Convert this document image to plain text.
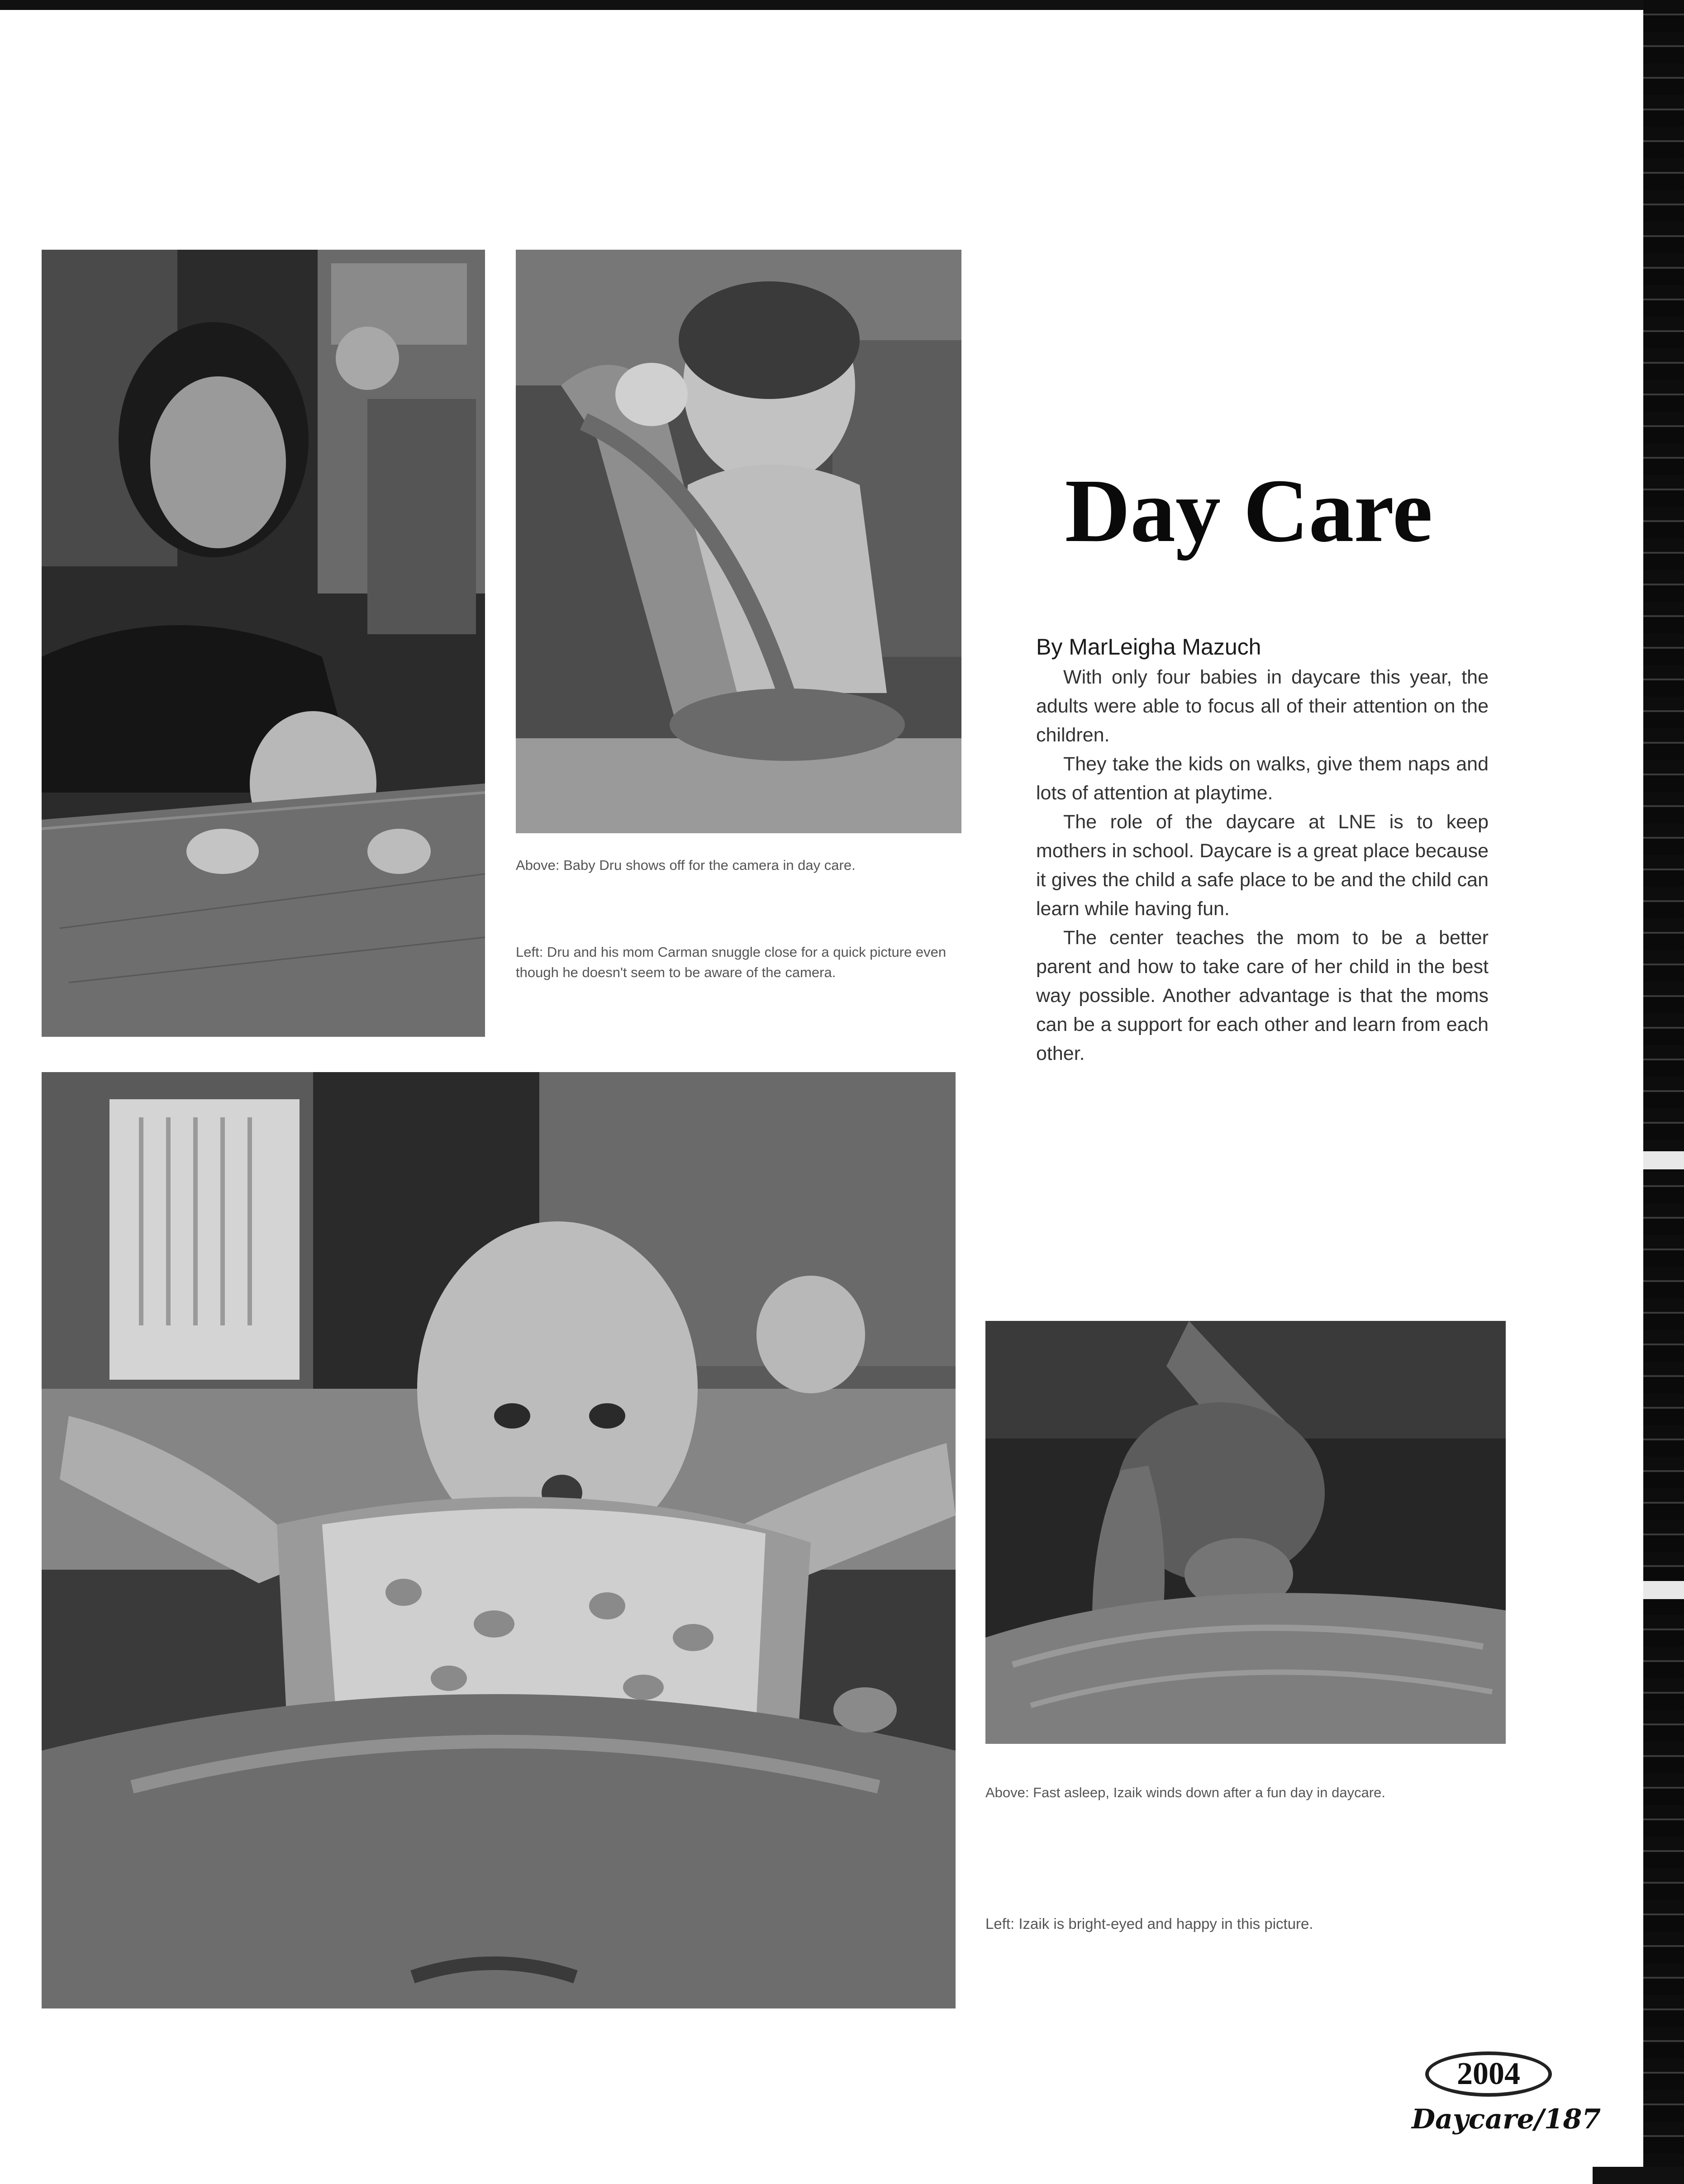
Day Care
By MarLeigha Mazuch

With only four babies in daycare this year, the adults were able to focus all of their attention on the children.

They take the kids on walks, give them naps and lots of attention at playtime.

The role of the daycare at LNE is to keep mothers in school. Daycare is a great place because it gives the child a safe place to be and the child can learn while having fun.

The center teaches the mom to be a better parent and how to take care of her child in the best way possible. Another advantage is that the moms can be a support for each other and learn from each other.

Above: Baby Dru shows off for the camera in day care.
Left: Dru and his mom Carman snuggle close for a quick picture even though he doesn't seem to be aware of the camera.
Above: Fast asleep, Izaik winds down after a fun day in daycare.
Left: Izaik is bright-eyed and happy in this picture.
2004
Daycare/187
